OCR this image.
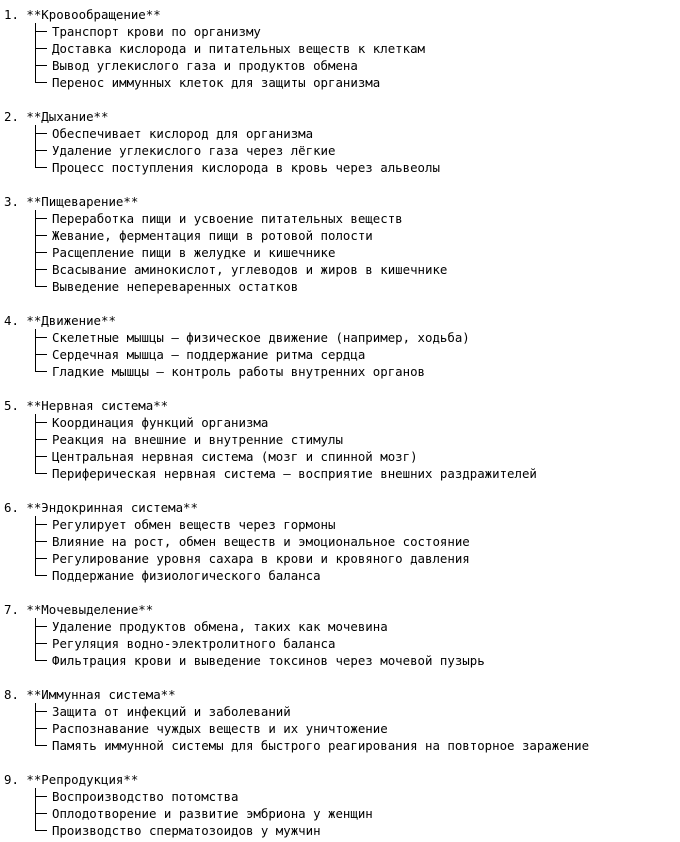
1. **Кровообращение**
Транспорт крови по организму
Доставка кислорода и питательных веществ к клеткам
Вывод углекислого газа и продуктов обмена
Перенос иммунных клеток для защиты организма
2. **Дыхание**
Обеспечивает кислород для организма
Удаление углекислого газа через лёгкие
Процесс поступления кислорода в кровь через альвеолы
3. **Пищеварение**
Переработка пищи и усвоение питательных веществ
Жевание, ферментация пищи в ротовой полости
Расщепление пищи в желудке и кишечнике
Всасывание аминокислот, углеводов и жиров в кишечнике
Выведение непереваренных остатков
4. **Движение**
Скелетные мышцы — физическое движение (например, ходьба)
Сердечная мышца — поддержание ритма сердца
Гладкие мышцы — контроль работы внутренних органов
5. **Нервная система**
Координация функций организма
Реакция на внешние и внутренние стимулы
Центральная нервная система (мозг и спинной мозг)
Периферическая нервная система — восприятие внешних раздражителей
6. **Эндокринная система**
Регулирует обмен веществ через гормоны
Влияние на рост, обмен веществ и эмоциональное состояние
Регулирование уровня сахара в крови и кровяного давления
Поддержание физиологического баланса
7. **Мочевыделение**
Удаление продуктов обмена, таких как мочевина
Регуляция водно-электролитного баланса
Фильтрация крови и выведение токсинов через мочевой пузырь
8. **Иммунная система**
Защита от инфекций и заболеваний
Распознавание чуждых веществ и их уничтожение
Память иммунной системы для быстрого реагирования на повторное заражение
9. **Репродукция**
Воспроизводство потомства
Оплодотворение и развитие эмбриона у женщин
Производство сперматозоидов у мужчин
